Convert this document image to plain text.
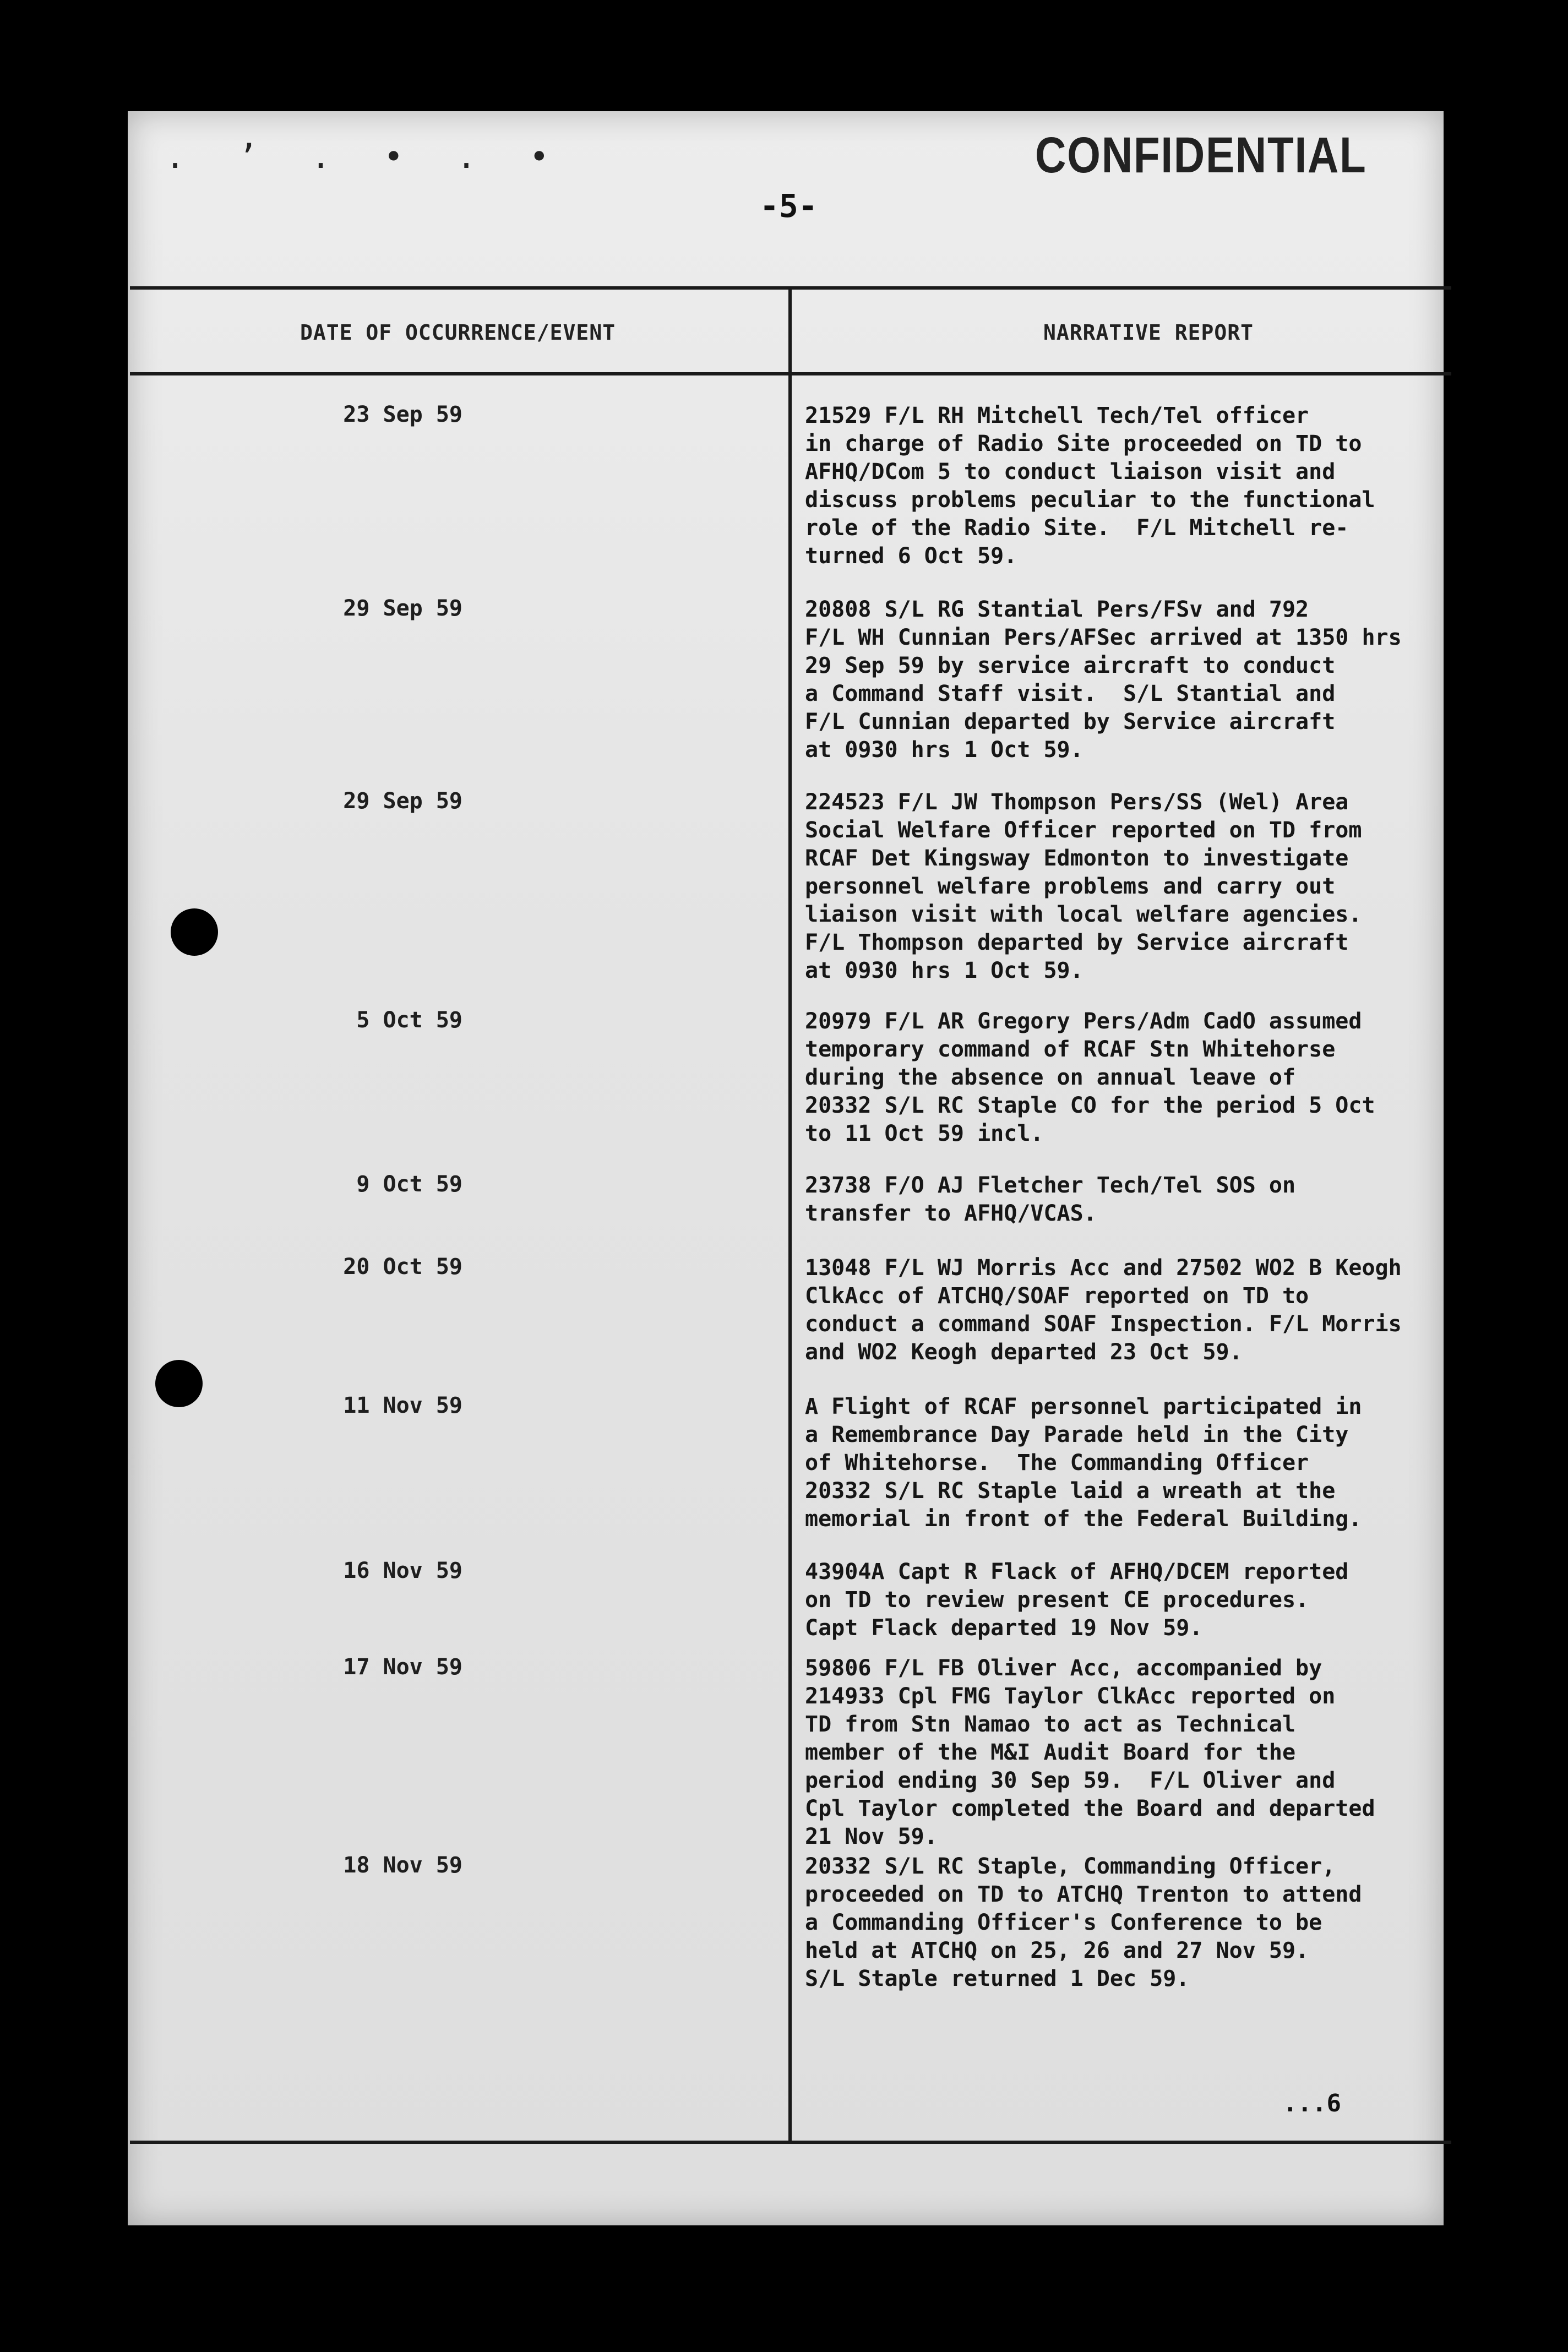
. ’ . • . •	CONFIDENTIAL
-5-
DATE OF OCCURRENCE/EVENT	NARRATIVE REPORT
23 Sep 59	21529 F/L RH Mitchell Tech/Tel officer
in charge of Radio Site proceeded on TD to
AFHQ/DCom 5 to conduct liaison visit and
discuss problems peculiar to the functional
role of the Radio Site.  F/L Mitchell re-
turned 6 Oct 59.
29 Sep 59	20808 S/L RG Stantial Pers/FSv and 792
F/L WH Cunnian Pers/AFSec arrived at 1350 hrs
29 Sep 59 by service aircraft to conduct
a Command Staff visit.  S/L Stantial and
F/L Cunnian departed by Service aircraft
at 0930 hrs 1 Oct 59.
29 Sep 59	224523 F/L JW Thompson Pers/SS (Wel) Area
Social Welfare Officer reported on TD from
RCAF Det Kingsway Edmonton to investigate
personnel welfare problems and carry out
liaison visit with local welfare agencies.
F/L Thompson departed by Service aircraft
at 0930 hrs 1 Oct 59.
5 Oct 59	20979 F/L AR Gregory Pers/Adm CadO assumed
temporary command of RCAF Stn Whitehorse
during the absence on annual leave of
20332 S/L RC Staple CO for the period 5 Oct
to 11 Oct 59 incl.
9 Oct 59	23738 F/O AJ Fletcher Tech/Tel SOS on
transfer to AFHQ/VCAS.
20 Oct 59	13048 F/L WJ Morris Acc and 27502 WO2 B Keogh
ClkAcc of ATCHQ/SOAF reported on TD to
conduct a command SOAF Inspection. F/L Morris
and WO2 Keogh departed 23 Oct 59.
11 Nov 59	A Flight of RCAF personnel participated in
a Remembrance Day Parade held in the City
of Whitehorse.  The Commanding Officer
20332 S/L RC Staple laid a wreath at the
memorial in front of the Federal Building.
16 Nov 59	43904A Capt R Flack of AFHQ/DCEM reported
on TD to review present CE procedures.
Capt Flack departed 19 Nov 59.
17 Nov 59	59806 F/L FB Oliver Acc, accompanied by
214933 Cpl FMG Taylor ClkAcc reported on
TD from Stn Namao to act as Technical
member of the M&I Audit Board for the
period ending 30 Sep 59.  F/L Oliver and
Cpl Taylor completed the Board and departed
21 Nov 59.
18 Nov 59	20332 S/L RC Staple, Commanding Officer,
proceeded on TD to ATCHQ Trenton to attend
a Commanding Officer's Conference to be
held at ATCHQ on 25, 26 and 27 Nov 59.
S/L Staple returned 1 Dec 59.
...6
